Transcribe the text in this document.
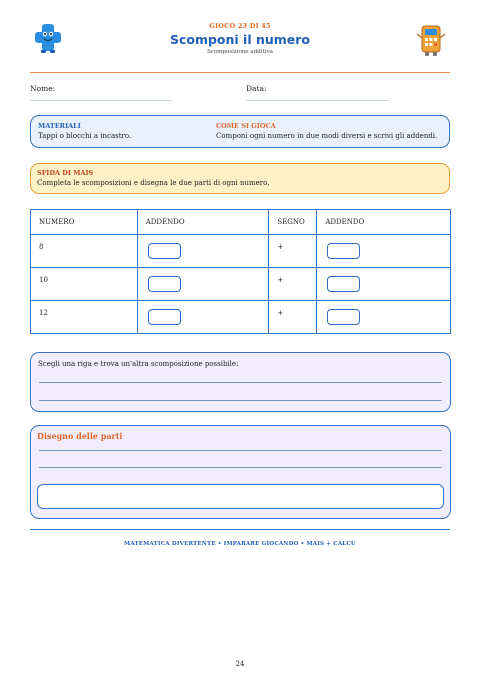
GIOCO 23 DI 45
Scomponi il numero
Scomposizione additiva
Nome:	Data:
MATERIALI
Tappi o blocchi a incastro.
COME SI GIOCA
Componi ogni numero in due modi diversi e scrivi gli addendi.
SFIDA DI MAIS
Completa le scomposizioni e disegna le due parti di ogni numero.
NUMERO	ADDENDO	SEGNO	ADDENDO
8		+	

10		+	

12		+	
Scegli una riga e trova un'altra scomposizione possibile:
Disegno delle parti
MATEMATICA DIVERTENTE • IMPARARE GIOCANDO • MAIS + CÀLCU
24
